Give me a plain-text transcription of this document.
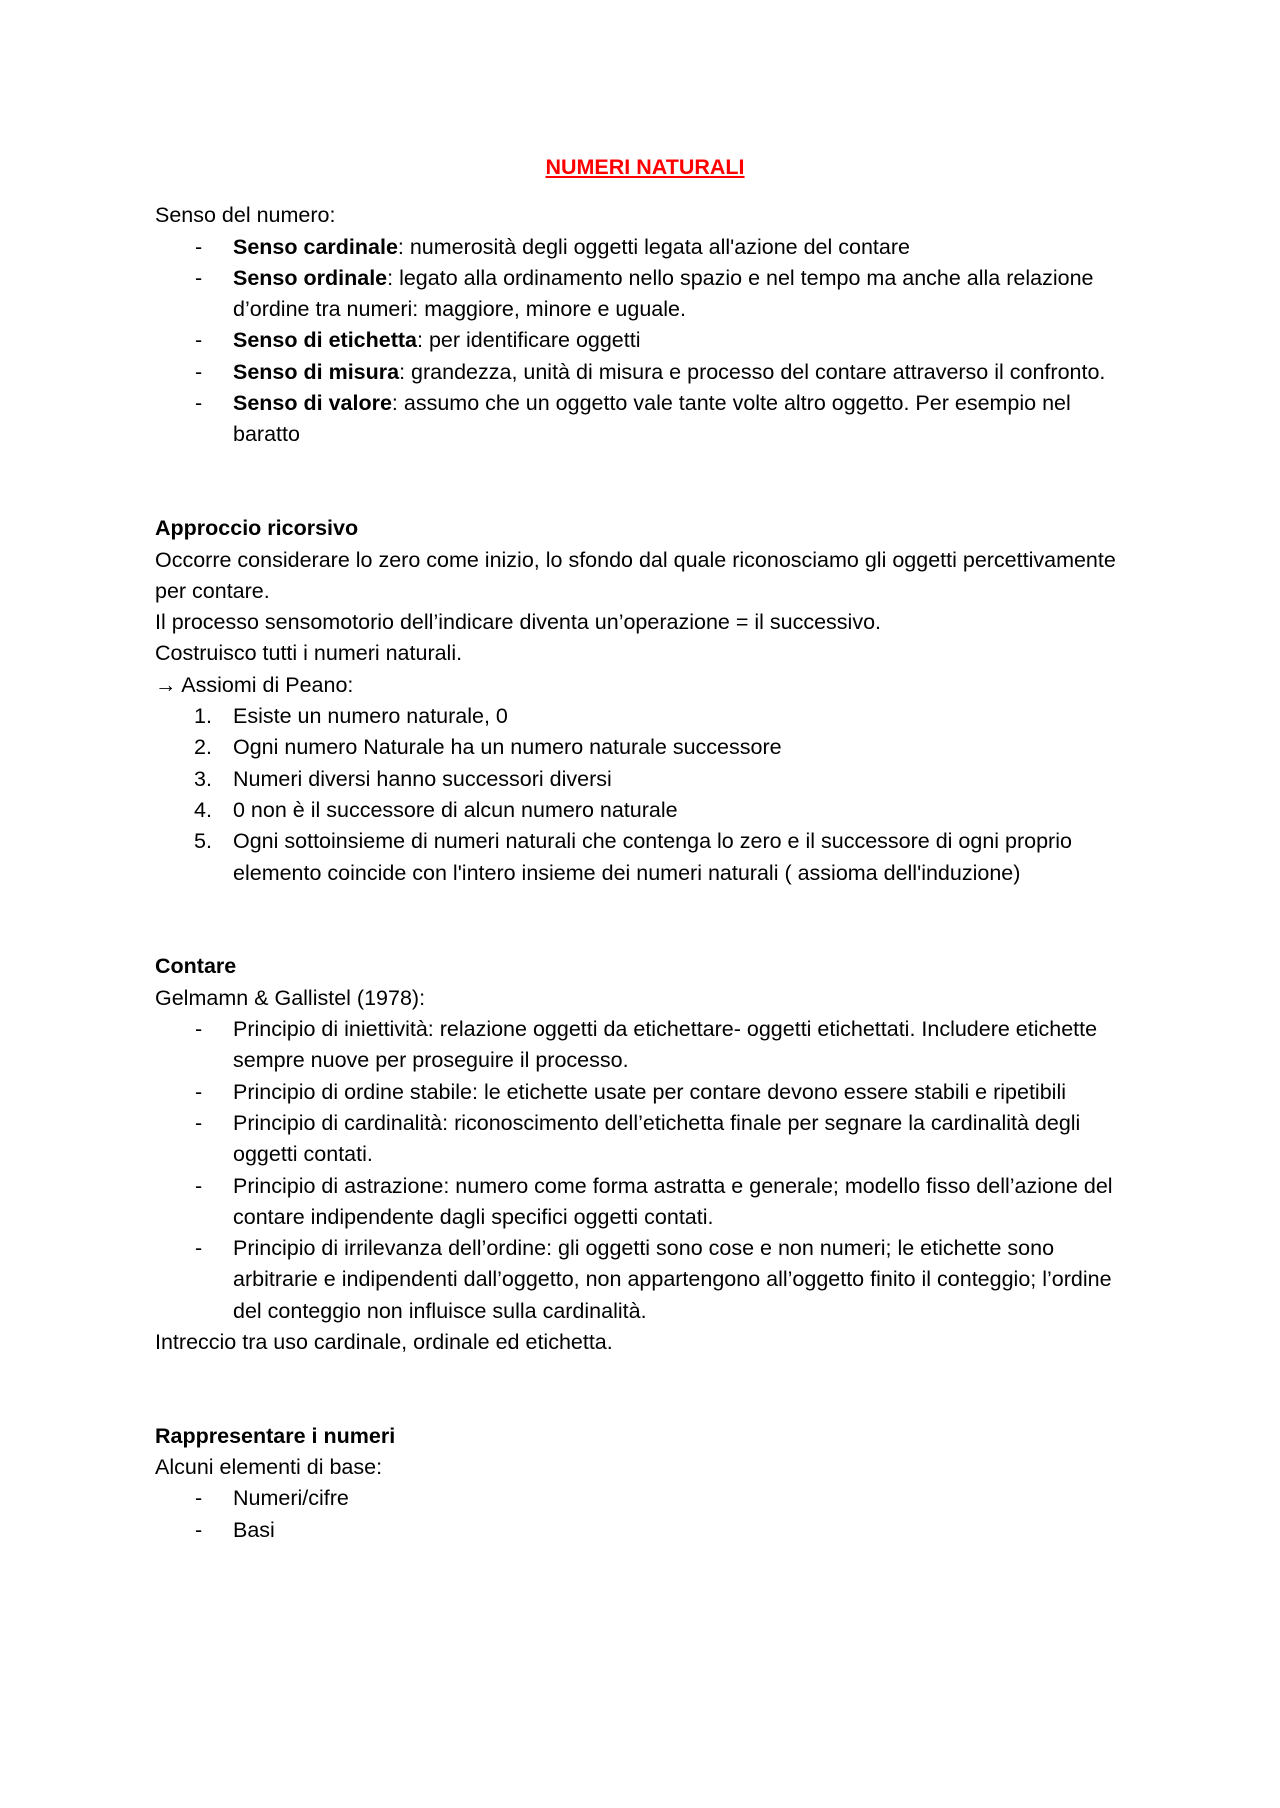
NUMERI NATURALI

Senso del numero:

- Senso cardinale: numerosità degli oggetti legata all'azione del contare
- Senso ordinale: legato alla ordinamento nello spazio e nel tempo ma anche alla relazione d’ordine tra numeri: maggiore, minore e uguale.
- Senso di etichetta: per identificare oggetti
- Senso di misura: grandezza, unità di misura e processo del contare attraverso il confronto.
- Senso di valore: assumo che un oggetto vale tante volte altro oggetto. Per esempio nel baratto

Approccio ricorsivo

Occorre considerare lo zero come inizio, lo sfondo dal quale riconosciamo gli oggetti percettivamente per contare.

Il processo sensomotorio dell’indicare diventa un’operazione = il successivo.

Costruisco tutti i numeri naturali.

→ Assiomi di Peano:

1. Esiste un numero naturale, 0
2. Ogni numero Naturale ha un numero naturale successore
3. Numeri diversi hanno successori diversi
4. 0 non è il successore di alcun numero naturale
5. Ogni sottoinsieme di numeri naturali che contenga lo zero e il successore di ogni proprio elemento coincide con l'intero insieme dei numeri naturali ( assioma dell'induzione)

Contare

Gelmamn & Gallistel (1978):

- Principio di iniettività: relazione oggetti da etichettare- oggetti etichettati. Includere etichette sempre nuove per proseguire il processo.
- Principio di ordine stabile: le etichette usate per contare devono essere stabili e ripetibili
- Principio di cardinalità: riconoscimento dell’etichetta finale per segnare la cardinalità degli oggetti contati.
- Principio di astrazione: numero come forma astratta e generale; modello fisso dell’azione del contare indipendente dagli specifici oggetti contati.
- Principio di irrilevanza dell’ordine: gli oggetti sono cose e non numeri; le etichette sono arbitrarie e indipendenti dall’oggetto, non appartengono all’oggetto finito il conteggio; l’ordine del conteggio non influisce sulla cardinalità.

Intreccio tra uso cardinale, ordinale ed etichetta.

Rappresentare i numeri

Alcuni elementi di base:

- Numeri/cifre
- Basi
